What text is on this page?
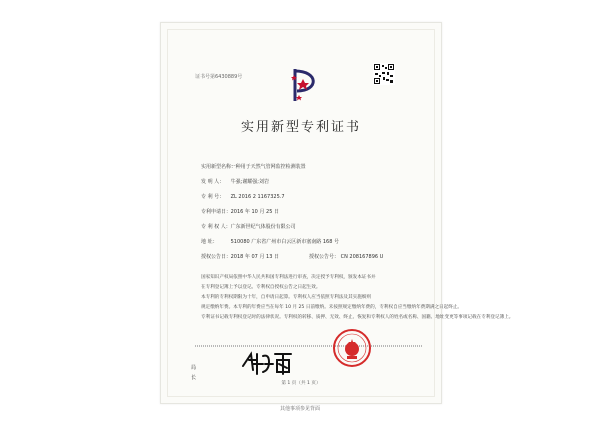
证书号第6430889号
实用新型专利证书
实用新型名称： 一种用于天然气管网监控检测装置
发 明 人： 牛强;谢耀强;刘岩
专 利 号： ZL 2016 2 1167325.7
专利申请日： 2016 年 10 月 25 日
专 利 权 人： 广东新世纪气体股份有限公司
地 址：	510080 广东省广州市白云区新市塞南路 168 号
授权公告日： 2018 年 07 月 13 日	授权公告号： CN 208167896 U
国家知识产权局依照中华人民共和国专利法进行审查，决定授予专利权，颁发本证书并
在专利登记簿上予以登记。专利权自授权公告之日起生效。
本专利的专利权期限为十年，自申请日起算。专利权人应当依照专利法及其实施细则
规定缴纳年费。本专利的年费应当在每年 10 月 25 日前缴纳。未按照规定缴纳年费的，专利权自应当缴纳年费期满之日起终止。
专利证书记载专利权登记时的法律状况。专利权的转移、质押、无效、终止、恢复和专利权人的姓名或名称、国籍、地址变更等事项记载在专利登记簿上。
局
长
第 1 页（共 1 页）
其他事项参见背面
